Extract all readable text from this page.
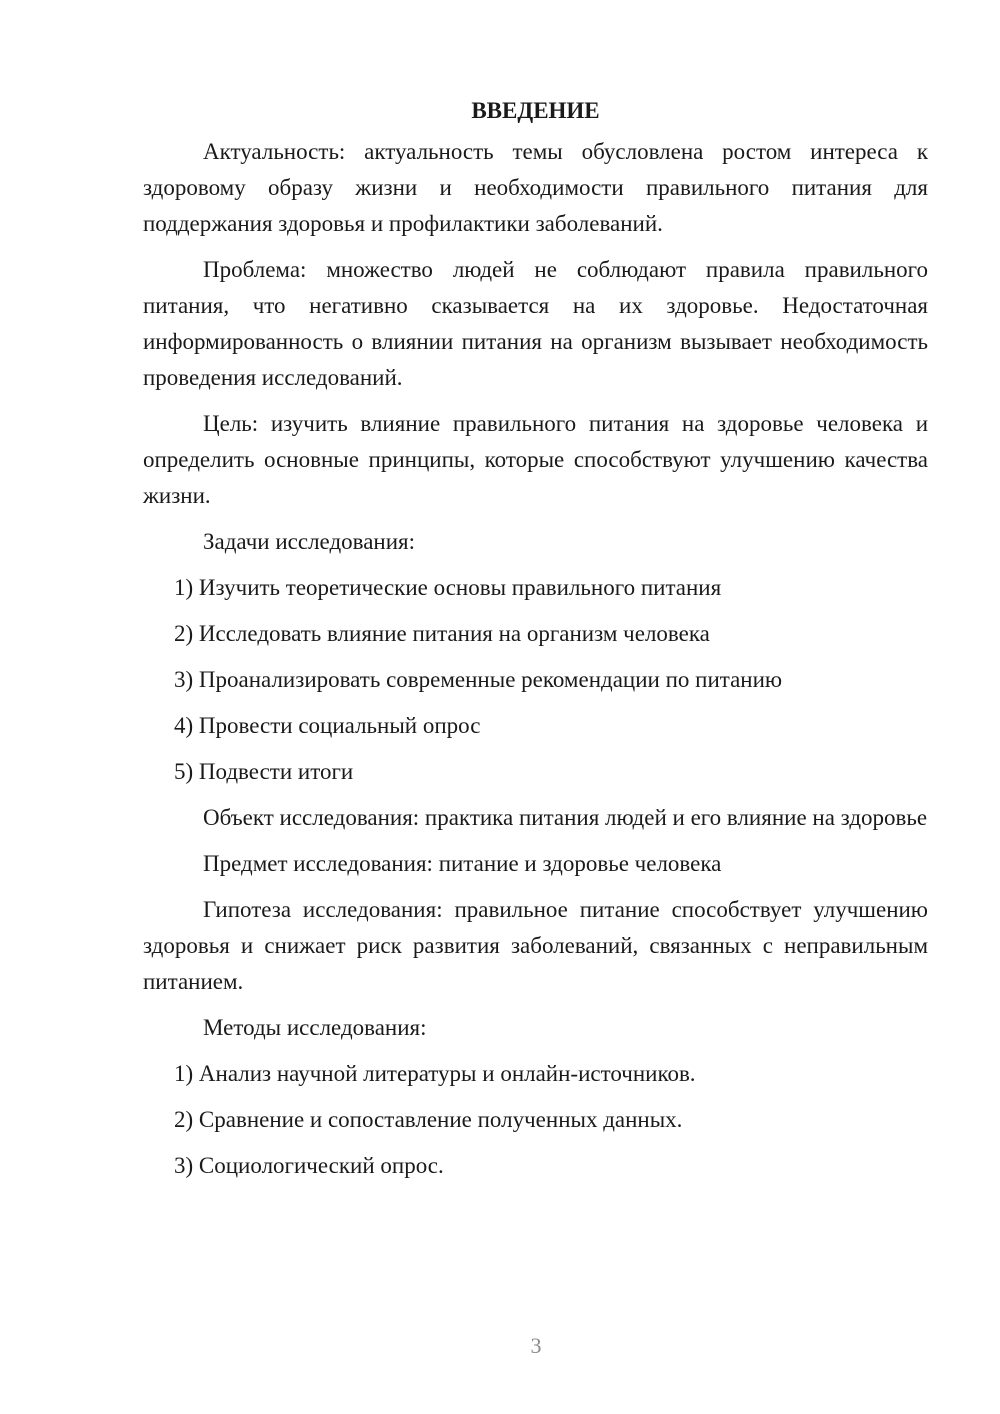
ВВЕДЕНИЕ

Актуальность: актуальность темы обусловлена ростом интереса к здоровому образу жизни и необходимости правильного питания для поддержания здоровья и профилактики заболеваний.

Проблема: множество людей не соблюдают правила правильного питания, что негативно сказывается на их здоровье. Недостаточная информированность о влиянии питания на организм вызывает необходимость проведения исследований.

Цель: изучить влияние правильного питания на здоровье человека и определить основные принципы, которые способствуют улучшению качества жизни.

Задачи исследования:

1) Изучить теоретические основы правильного питания
2) Исследовать влияние питания на организм человека
3) Проанализировать современные рекомендации по питанию
4) Провести социальный опрос
5) Подвести итоги

Объект исследования: практика питания людей и его влияние на здоровье

Предмет исследования: питание и здоровье человека

Гипотеза исследования: правильное питание способствует улучшению здоровья и снижает риск развития заболеваний, связанных с неправильным питанием.

Методы исследования:

1) Анализ научной литературы и онлайн-источников.
2) Сравнение и сопоставление полученных данных.
3) Социологический опрос.
3
